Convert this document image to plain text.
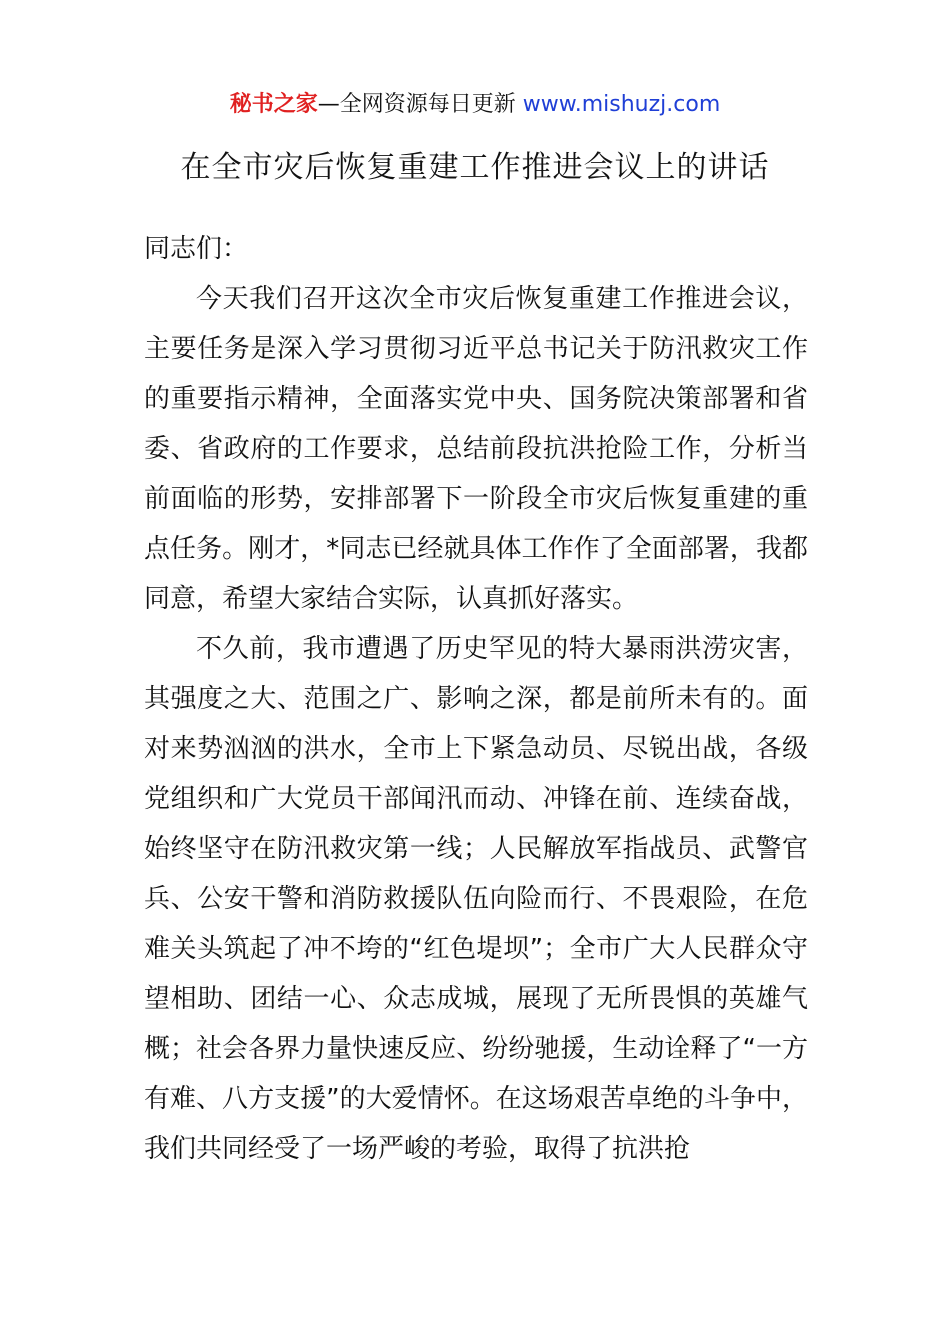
秘书之家—全网资源每日更新 www.mishuzj.com
在全市灾后恢复重建工作推进会议上的讲话

同志们：

今天我们召开这次全市灾后恢复重建工作推进会议，主要任务是深入学习贯彻习近平总书记关于防汛救灾工作的重要指示精神，全面落实党中央、国务院决策部署和省委、省政府的工作要求，总结前段抗洪抢险工作，分析当前面临的形势，安排部署下一阶段全市灾后恢复重建的重点任务。刚才，*同志已经就具体工作作了全面部署，我都同意，希望大家结合实际，认真抓好落实。

不久前，我市遭遇了历史罕见的特大暴雨洪涝灾害，其强度之大、范围之广、影响之深，都是前所未有的。面对来势汹汹的洪水，全市上下紧急动员、尽锐出战，各级党组织和广大党员干部闻汛而动、冲锋在前、连续奋战，始终坚守在防汛救灾第一线；人民解放军指战员、武警官兵、公安干警和消防救援队伍向险而行、不畏艰险，在危难关头筑起了冲不垮的“红色堤坝”；全市广大人民群众守望相助、团结一心、众志成城，展现了无所畏惧的英雄气概；社会各界力量快速反应、纷纷驰援，生动诠释了“一方有难、八方支援”的大爱情怀。在这场艰苦卓绝的斗争中，我们共同经受了一场严峻的考验，取得了抗洪抢
